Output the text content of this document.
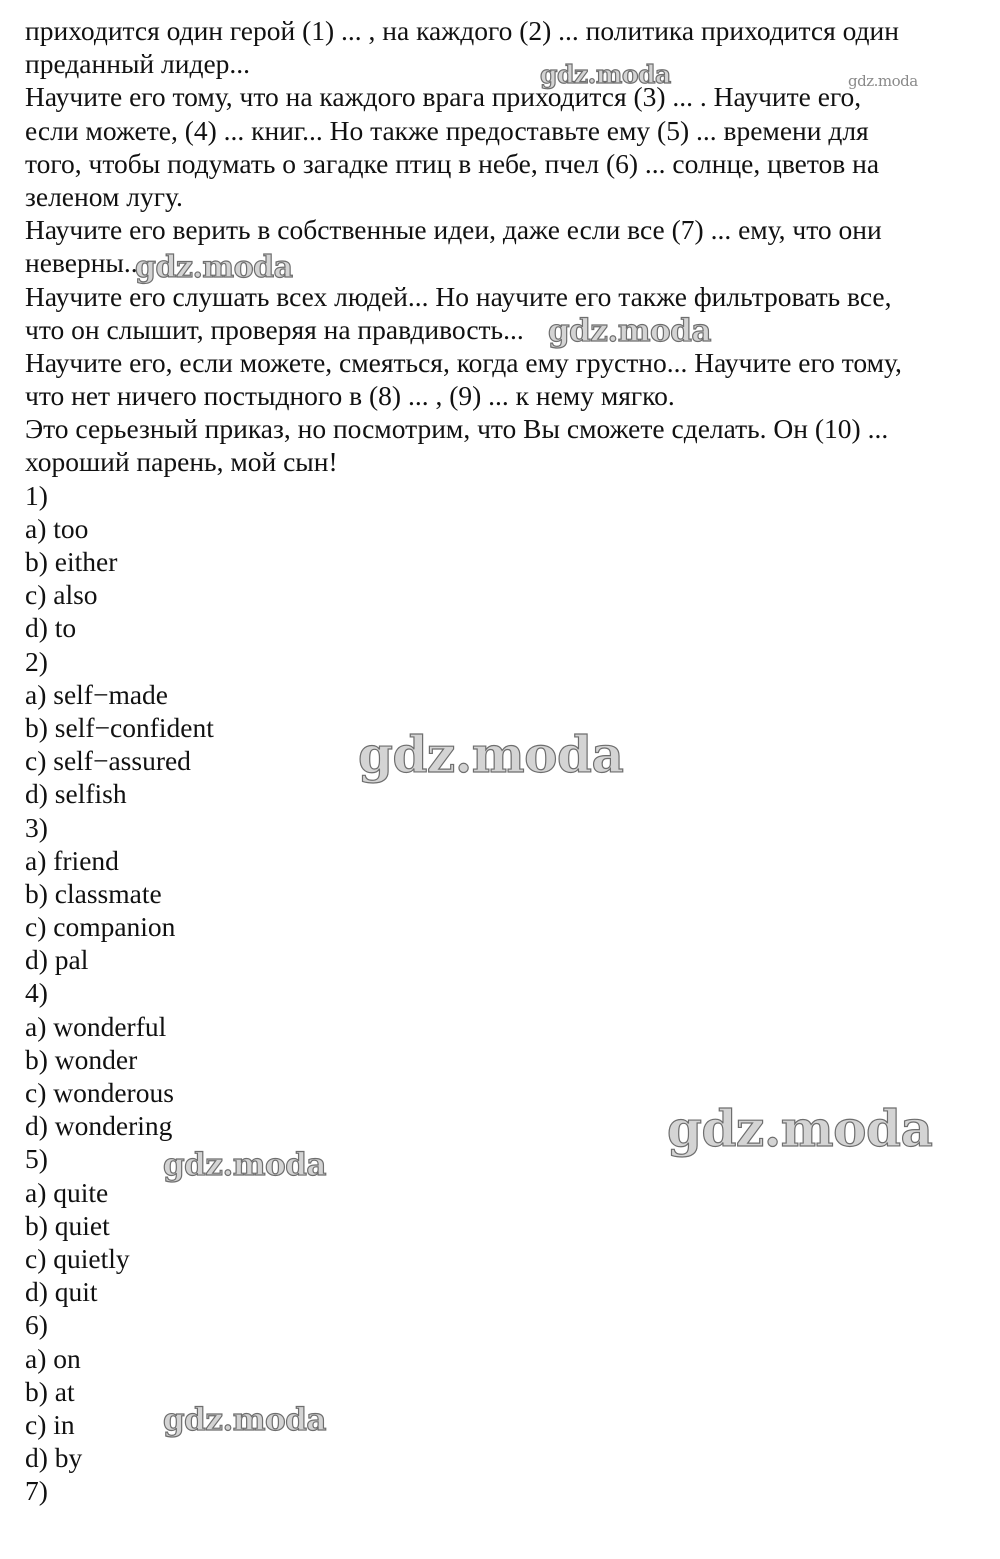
приходится один герой (1) ... , на каждого (2) ... политика приходится один
преданный лидер...
Научите его тому, что на каждого врага приходится (3) ... . Научите его,
если можете, (4) ... книг... Но также предоставьте ему (5) ... времени для
того, чтобы подумать о загадке птиц в небе, пчел (6) ... солнце, цветов на
зеленом лугу.
Научите его верить в собственные идеи, даже если все (7) ... ему, что они
неверны...
Научите его слушать всех людей... Но научите его также фильтровать все,
что он слышит, проверяя на правдивость...
Научите его, если можете, смеяться, когда ему грустно... Научите его тому,
что нет ничего постыдного в (8) ... , (9) ... к нему мягко.
Это серьезный приказ, но посмотрим, что Вы сможете сделать. Он (10) ...
хороший парень, мой сын!
1)
a) too
b) either
c) also
d) to
2)
a) self−made
b) self−confident
c) self−assured
d) selfish
3)
a) friend
b) classmate
c) companion
d) pal
4)
a) wonderful
b) wonder
c) wonderous
d) wondering
5)
a) quite
b) quiet
c) quietly
d) quit
6)
a) on
b) at
c) in
d) by
7)
gdz.moda	gdz.moda
gdz.moda
gdz.moda
gdz.moda
gdz.moda
gdz.moda
gdz.moda
